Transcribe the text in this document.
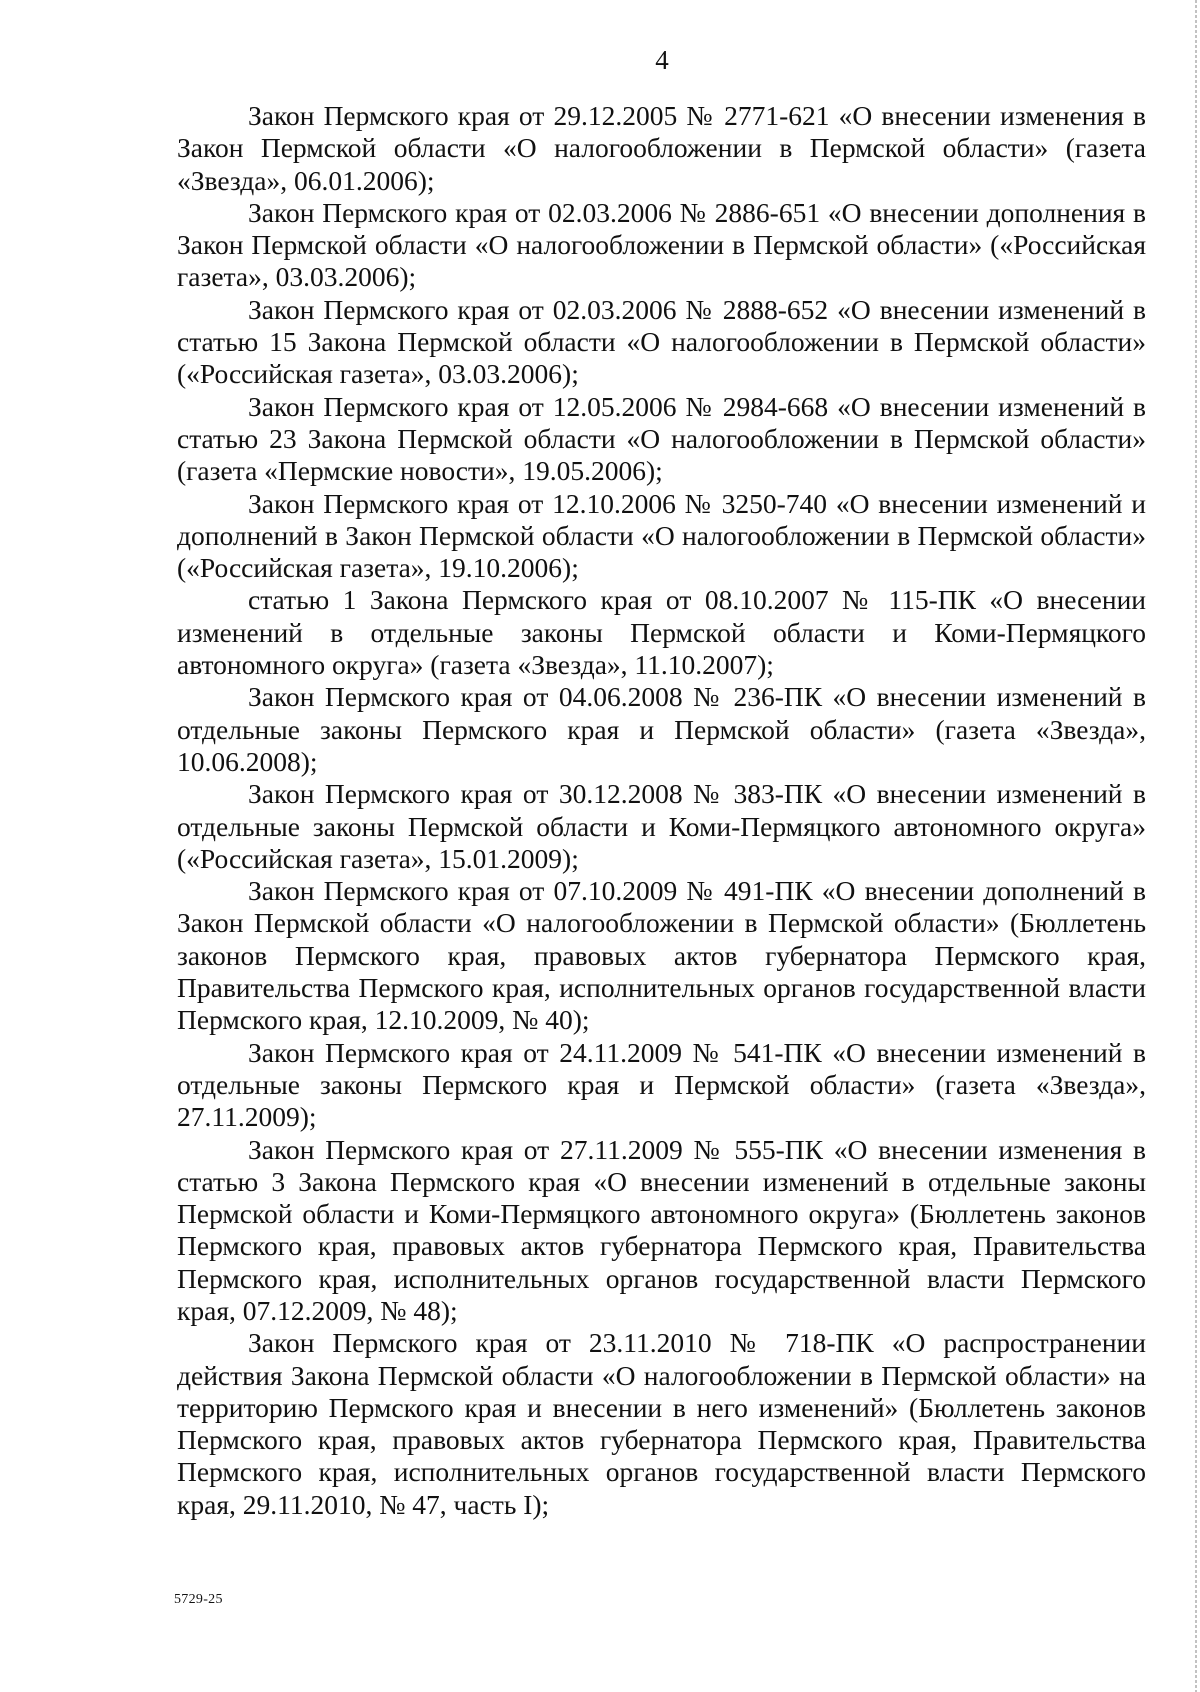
4

Закон Пермского края от 29.12.2005 № 2771-621 «О внесении изменения в Закон Пермской области «О налогообложении в Пермской области» (газета «Звезда», 06.01.2006);

Закон Пермского края от 02.03.2006 № 2886-651 «О внесении дополнения в Закон Пермской области «О налогообложении в Пермской области» («Российская газета», 03.03.2006);

Закон Пермского края от 02.03.2006 № 2888-652 «О внесении изменений в статью 15 Закона Пермской области «О налогообложении в Пермской области» («Российская газета», 03.03.2006);

Закон Пермского края от 12.05.2006 № 2984-668 «О внесении изменений в статью 23 Закона Пермской области «О налогообложении в Пермской области» (газета «Пермские новости», 19.05.2006);

Закон Пермского края от 12.10.2006 № 3250-740 «О внесении изменений и дополнений в Закон Пермской области «О налогообложении в Пермской области» («Российская газета», 19.10.2006);

статью 1 Закона Пермского края от 08.10.2007 № 115-ПК «О внесении изменений в отдельные законы Пермской области и Коми-Пермяцкого автономного округа» (газета «Звезда», 11.10.2007);

Закон Пермского края от 04.06.2008 № 236-ПК «О внесении изменений в отдельные законы Пермского края и Пермской области» (газета «Звезда», 10.06.2008);

Закон Пермского края от 30.12.2008 № 383-ПК «О внесении изменений в отдельные законы Пермской области и Коми-Пермяцкого автономного округа» («Российская газета», 15.01.2009);

Закон Пермского края от 07.10.2009 № 491-ПК «О внесении дополнений в Закон Пермской области «О налогообложении в Пермской области» (Бюллетень законов Пермского края, правовых актов губернатора Пермского края, Правительства Пермского края, исполнительных органов государственной власти Пермского края, 12.10.2009, № 40);

Закон Пермского края от 24.11.2009 № 541-ПК «О внесении изменений в отдельные законы Пермского края и Пермской области» (газета «Звезда», 27.11.2009);

Закон Пермского края от 27.11.2009 № 555-ПК «О внесении изменения в статью 3 Закона Пермского края «О внесении изменений в отдельные законы Пермской области и Коми-Пермяцкого автономного округа» (Бюллетень законов Пермского края, правовых актов губернатора Пермского края, Правительства Пермского края, исполнительных органов государственной власти Пермского края, 07.12.2009, № 48);

Закон Пермского края от 23.11.2010 № 718-ПК «О распространении действия Закона Пермской области «О налогообложении в Пермской области» на территорию Пермского края и внесении в него изменений» (Бюллетень законов Пермского края, правовых актов губернатора Пермского края, Правительства Пермского края, исполнительных органов государственной власти Пермского края, 29.11.2010, № 47, часть I);

5729-25
